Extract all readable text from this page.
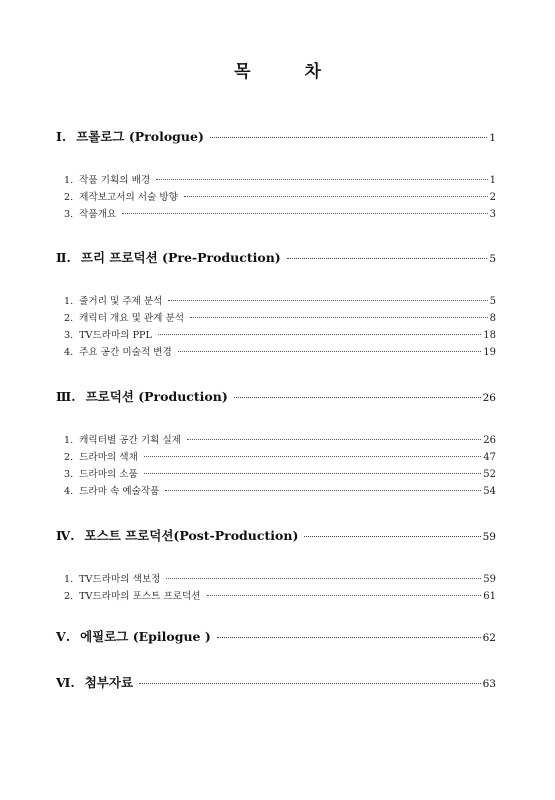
목 차
Ⅰ. 프롤로그 (Prologue)	1
1. 작품 기획의 배경	1
2. 제작보고서의 서술 방향	2
3. 작품개요	3
Ⅱ. 프리 프로덕션 (Pre-Production)	5
1. 줄거리 및 주제 분석	5
2. 캐릭터 개요 및 관계 분석	8
3. TV드라마의 PPL	18
4. 주요 공간 미술적 변경	19
Ⅲ. 프로덕션 (Production)	26
1. 캐릭터별 공간 기획 실제	26
2. 드라마의 색채	47
3. 드라마의 소품	52
4. 드라마 속 예술작품	54
Ⅳ. 포스트 프로덕션(Post-Production)	59
1. TV드라마의 색보정	59
2. TV드라마의 포스트 프로덕션	61
Ⅴ. 에필로그 (Epilogue )	62
Ⅵ. 첨부자료	63
